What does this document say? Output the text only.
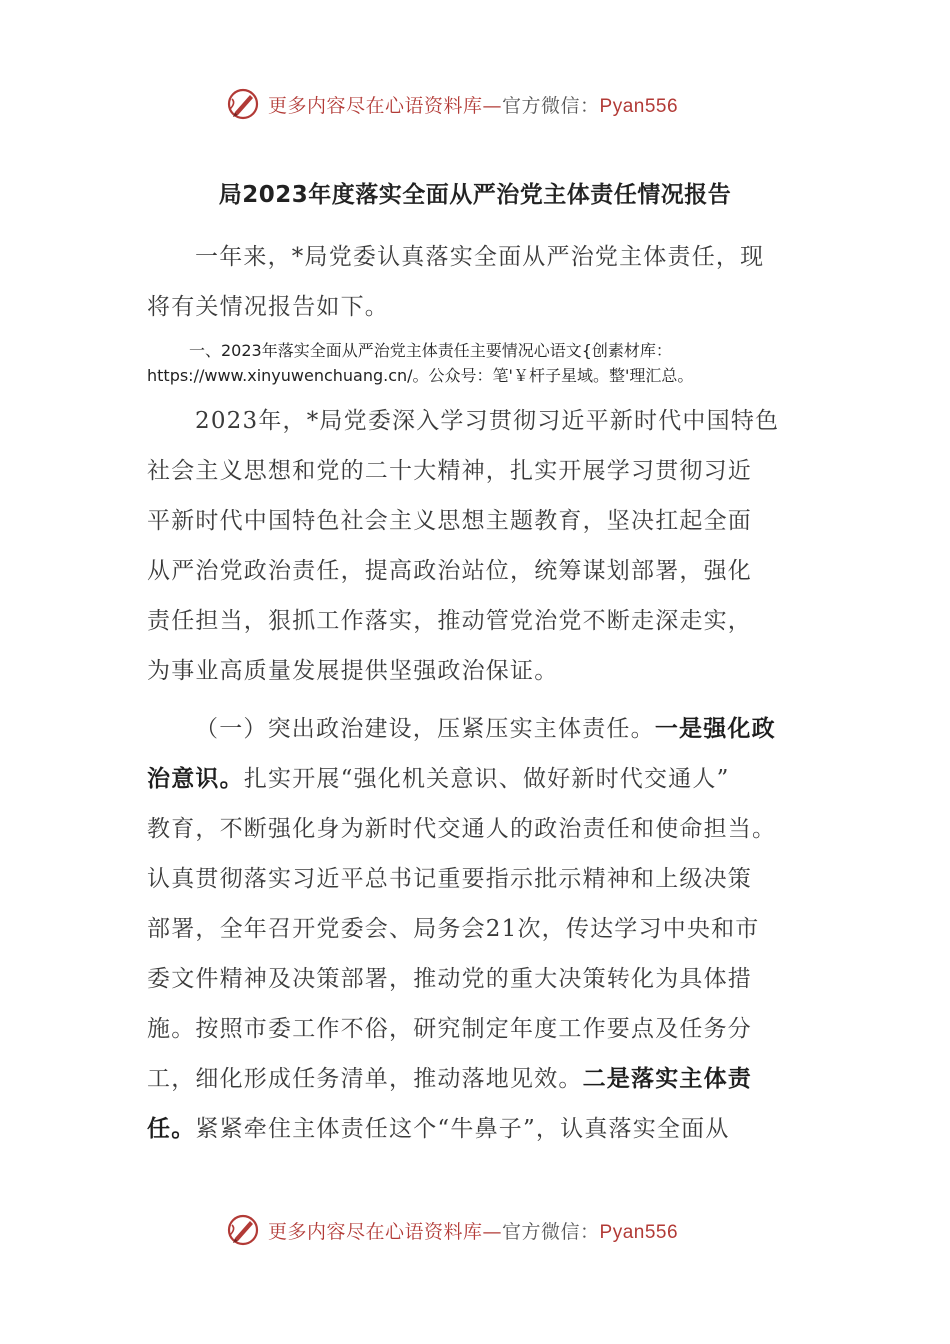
更多内容尽在心语资料库—官方微信：Pyan556
局2023年度落实全面从严治党主体责任情况报告

一年来，*局党委认真落实全面从严治党主体责任，现
将有关情况报告如下。

一、2023年落实全面从严治党主体责任主要情况心语文{创素材库：
https://www.xinyuwenchuang.cn/。公众号：笔'￥杆子星域。整'理汇总。

2023年，*局党委深入学习贯彻习近平新时代中国特色
社会主义思想和党的二十大精神，扎实开展学习贯彻习近
平新时代中国特色社会主义思想主题教育，坚决扛起全面
从严治党政治责任，提高政治站位，统筹谋划部署，强化
责任担当，狠抓工作落实，推动管党治党不断走深走实，
为事业高质量发展提供坚强政治保证。

（一）突出政治建设，压紧压实主体责任。一是强化政
治意识。扎实开展“强化机关意识、做好新时代交通人”
教育，不断强化身为新时代交通人的政治责任和使命担当。
认真贯彻落实习近平总书记重要指示批示精神和上级决策
部署，全年召开党委会、局务会21次，传达学习中央和市
委文件精神及决策部署，推动党的重大决策转化为具体措
施。按照市委工作不俗，研究制定年度工作要点及任务分
工，细化形成任务清单，推动落地见效。二是落实主体责
任。紧紧牵住主体责任这个“牛鼻子”，认真落实全面从

更多内容尽在心语资料库—官方微信：Pyan556
